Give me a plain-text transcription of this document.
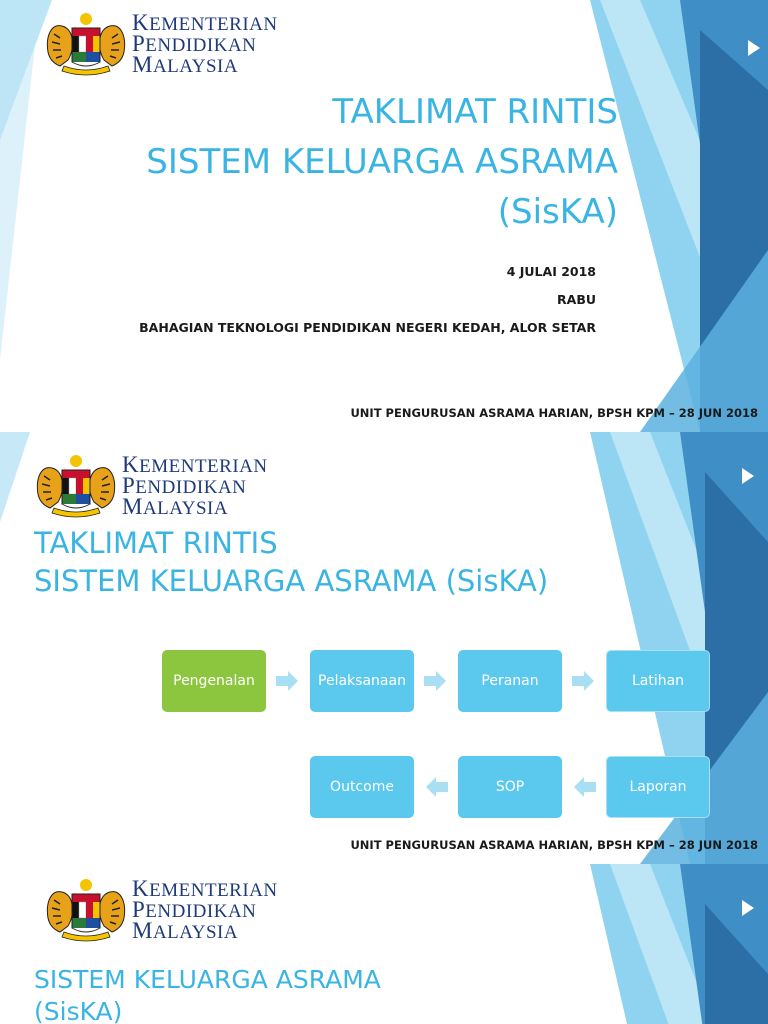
KEMENTERIAN
PENDIDIKAN
MALAYSIA
TAKLIMAT RINTIS
SISTEM KELUARGA ASRAMA
(SisKA)
4 JULAI 2018
RABU
BAHAGIAN TEKNOLOGI PENDIDIKAN NEGERI KEDAH, ALOR SETAR
UNIT PENGURUSAN ASRAMA HARIAN, BPSH KPM – 28 JUN 2018
KEMENTERIAN
PENDIDIKAN
MALAYSIA
TAKLIMAT RINTIS
SISTEM KELUARGA ASRAMA (SisKA)
Pengenalan	Pelaksanaan	Peranan	Latihan
Laporan
SOP
Outcome
UNIT PENGURUSAN ASRAMA HARIAN, BPSH KPM – 28 JUN 2018
KEMENTERIAN
PENDIDIKAN
MALAYSIA
SISTEM KELUARGA ASRAMA
(SisKA)
